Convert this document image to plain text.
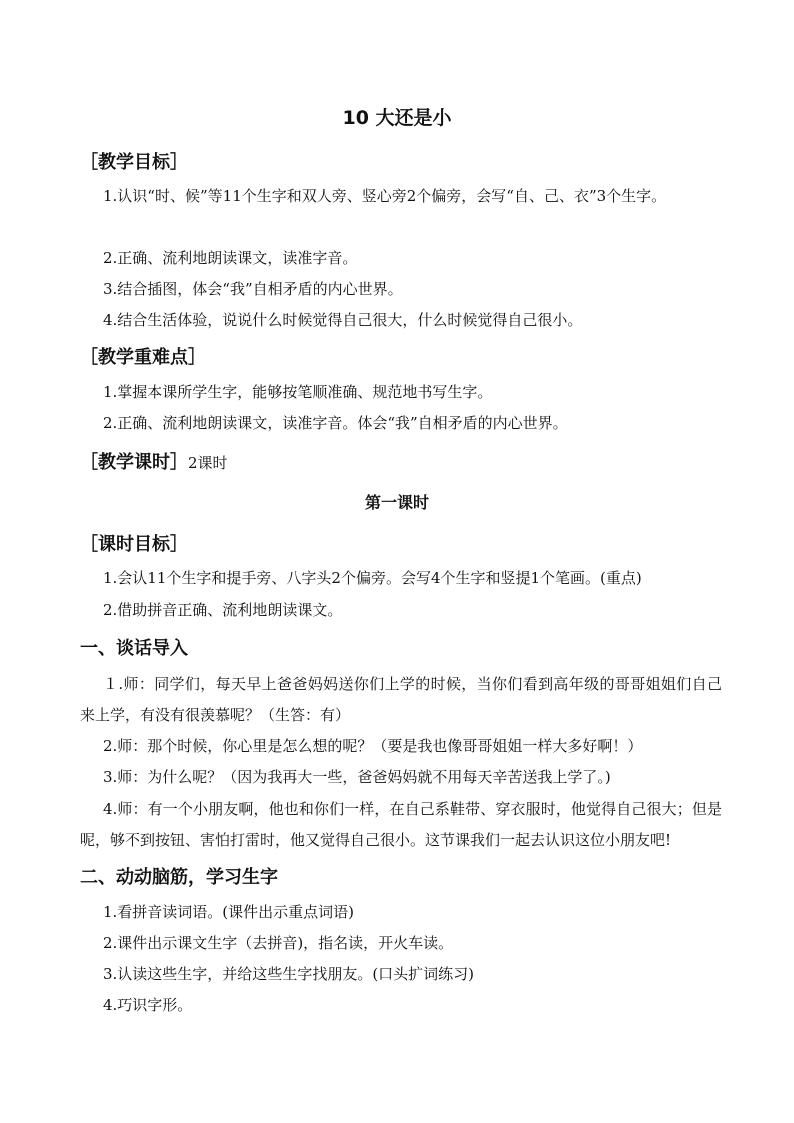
10 大还是小
［教学目标］
1.认识“时、候”等11个生字和双人旁、竖心旁2个偏旁，会写“自、己、衣”3个生字。
2.正确、流利地朗读课文，读准字音。
3.结合插图，体会“我”自相矛盾的内心世界。
4.结合生活体验，说说什么时候觉得自己很大，什么时候觉得自己很小。
［教学重难点］
1.掌握本课所学生字，能够按笔顺准确、规范地书写生字。
2.正确、流利地朗读课文，读准字音。体会“我”自相矛盾的内心世界。
［教学课时］2课时
第一课时
［课时目标］
1.会认11个生字和提手旁、八字头2个偏旁。会写4个生字和竖提1个笔画。(重点)
2.借助拼音正确、流利地朗读课文。
一、谈话导入
１.师：同学们，每天早上爸爸妈妈送你们上学的时候，当你们看到高年级的哥哥姐姐们自己来上学，有没有很羡慕呢？（生答：有）
2.师：那个时候，你心里是怎么想的呢？（要是我也像哥哥姐姐一样大多好啊！）
3.师：为什么呢？（因为我再大一些，爸爸妈妈就不用每天辛苦送我上学了。)
4.师：有一个小朋友啊，他也和你们一样，在自己系鞋带、穿衣服时，他觉得自己很大；但是呢，够不到按钮、害怕打雷时，他又觉得自己很小。这节课我们一起去认识这位小朋友吧!
二、动动脑筋，学习生字
1.看拼音读词语。(课件出示重点词语)
2.课件出示课文生字（去拼音)，指名读，开火车读。
3.认读这些生字，并给这些生字找朋友。(口头扩词练习)
4.巧识字形。
